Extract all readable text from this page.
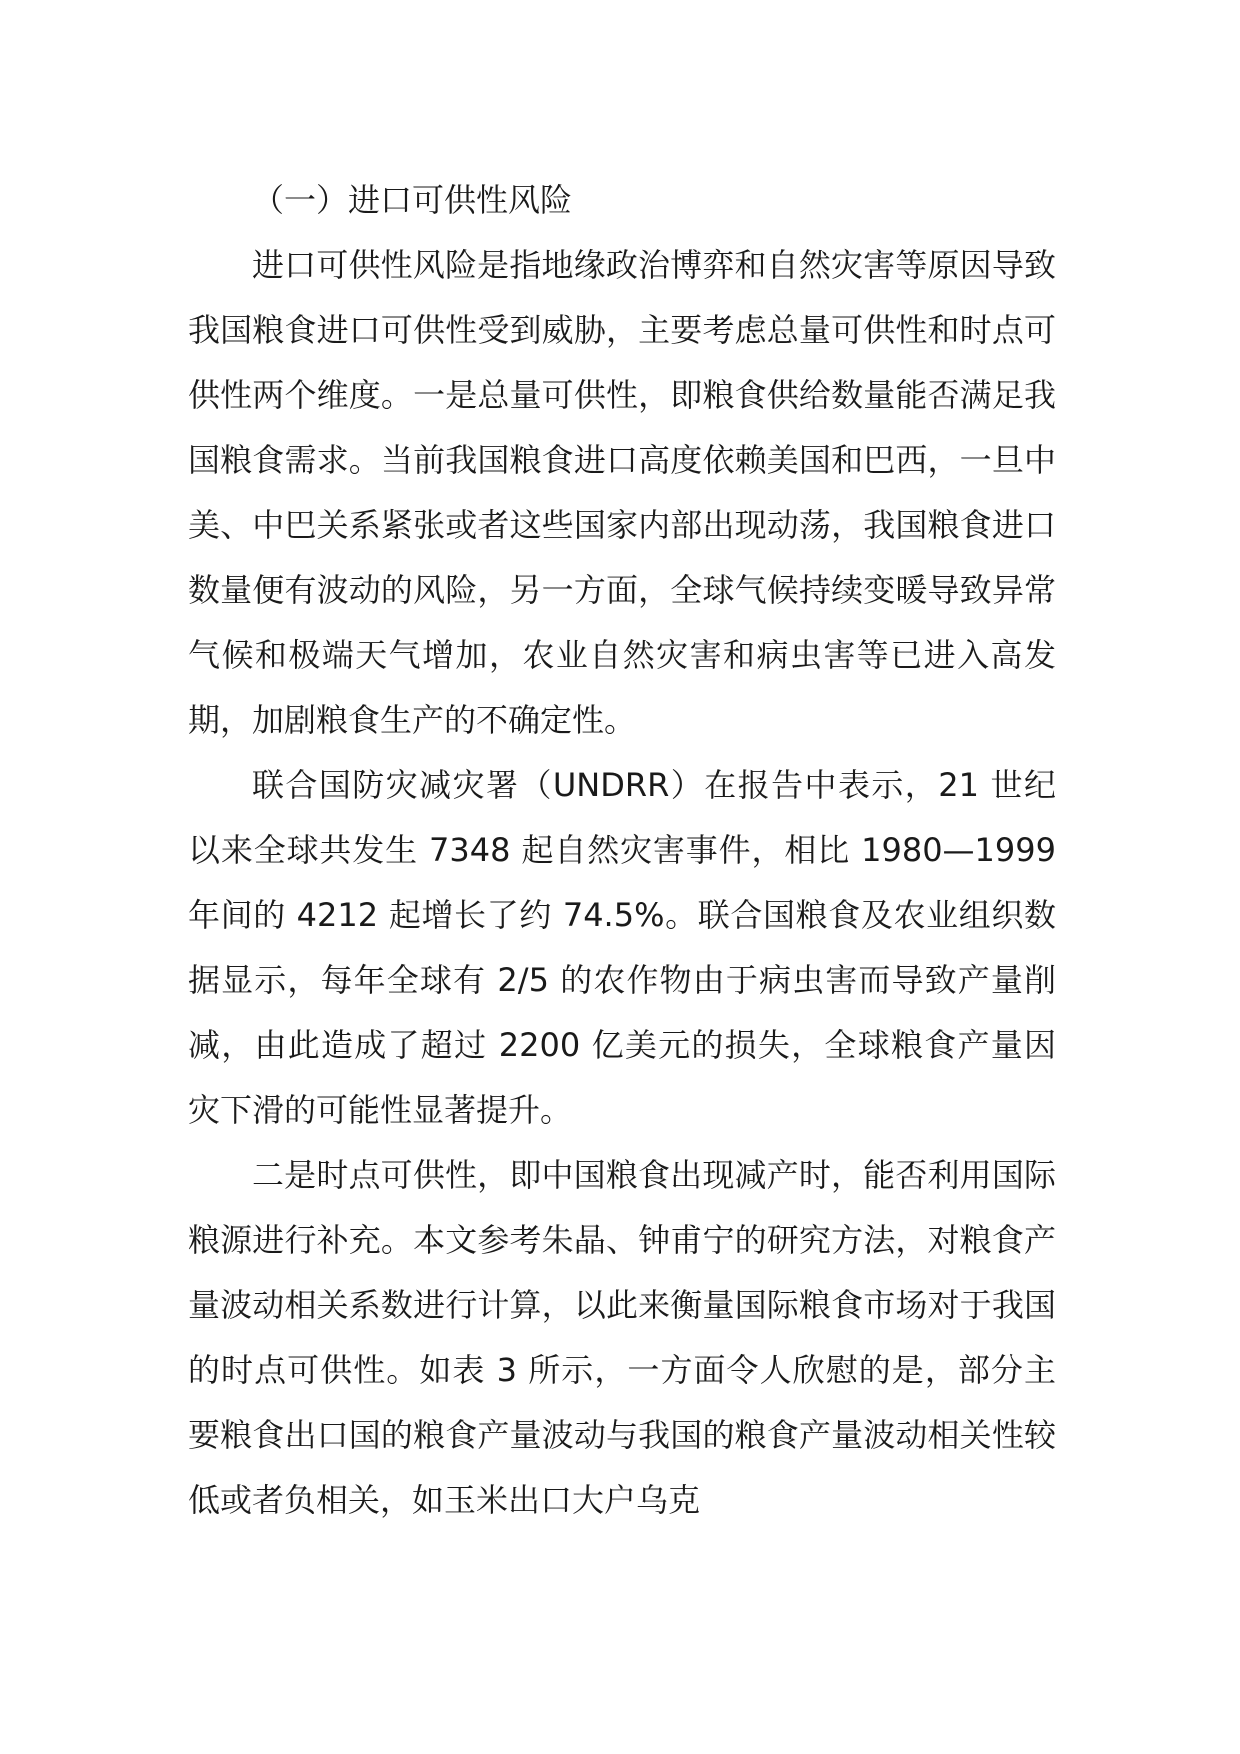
（一）进口可供性风险

进口可供性风险是指地缘政治博弈和自然灾害等原因导致我国粮食进口可供性受到威胁，主要考虑总量可供性和时点可供性两个维度。一是总量可供性，即粮食供给数量能否满足我国粮食需求。当前我国粮食进口高度依赖美国和巴西，一旦中美、中巴关系紧张或者这些国家内部出现动荡，我国粮食进口数量便有波动的风险，另一方面，全球气候持续变暖导致异常气候和极端天气增加，农业自然灾害和病虫害等已进入高发期，加剧粮食生产的不确定性。

联合国防灾减灾署（UNDRR）在报告中表示，21 世纪以来全球共发生 7348 起自然灾害事件，相比 1980—1999 年间的 4212 起增长了约 74.5%。联合国粮食及农业组织数据显示，每年全球有 2/5 的农作物由于病虫害而导致产量削减，由此造成了超过 2200 亿美元的损失，全球粮食产量因灾下滑的可能性显著提升。

二是时点可供性，即中国粮食出现减产时，能否利用国际粮源进行补充。本文参考朱晶、钟甫宁的研究方法，对粮食产量波动相关系数进行计算，以此来衡量国际粮食市场对于我国的时点可供性。如表 3 所示，一方面令人欣慰的是，部分主要粮食出口国的粮食产量波动与我国的粮食产量波动相关性较低或者负相关，如玉米出口大户乌克
